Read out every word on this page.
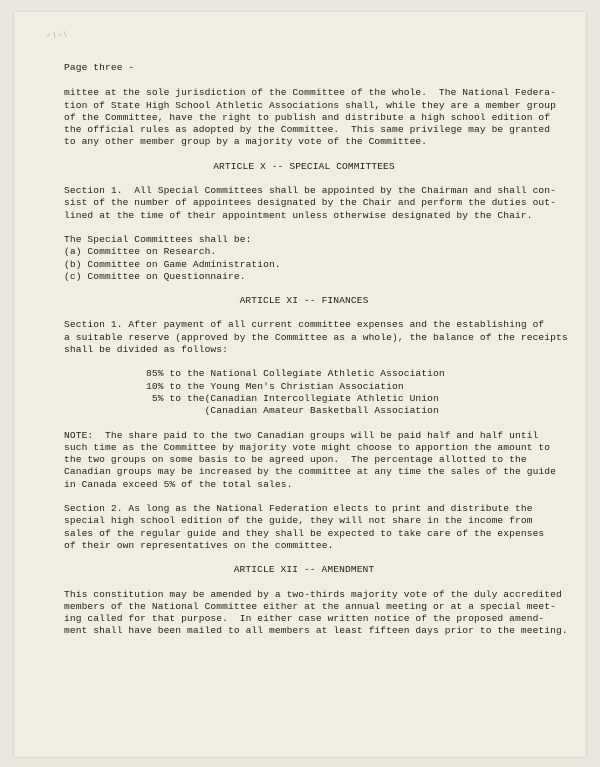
Page three -
mittee at the sole jurisdiction of the Committee of the whole.  The National Federa-
tion of State High School Athletic Associations shall, while they are a member group
of the Committee, have the right to publish and distribute a high school edition of
the official rules as adopted by the Committee.  This same privilege may be granted
to any other member group by a majority vote of the Committee.
ARTICLE X -- SPECIAL COMMITTEES
Section 1.  All Special Committees shall be appointed by the Chairman and shall con-
sist of the number of appointees designated by the Chair and perform the duties out-
lined at the time of their appointment unless otherwise designated by the Chair.
The Special Committees shall be:
(a) Committee on Research.
(b) Committee on Game Administration.
(c) Committee on Questionnaire.
ARTICLE XI -- FINANCES
Section 1. After payment of all current committee expenses and the establishing of
a suitable reserve (approved by the Committee as a whole), the balance of the receipts
shall be divided as follows:
85% to the National Collegiate Athletic Association
10% to the Young Men's Christian Association
5% to the(Canadian Intercollegiate Athletic Union
(Canadian Amateur Basketball Association
NOTE:  The share paid to the two Canadian groups will be paid half and half until
such time as the Committee by majority vote might choose to apportion the amount to
the two groups on some basis to be agreed upon.  The percentage allotted to the
Canadian groups may be increased by the committee at any time the sales of the guide
in Canada exceed 5% of the total sales.
Section 2. As long as the National Federation elects to print and distribute the
special high school edition of the guide, they will not share in the income from
sales of the regular guide and they shall be expected to take care of the expenses
of their own representatives on the committee.
ARTICLE XII -- AMENDMENT
This constitution may be amended by a two-thirds majority vote of the duly accredited
members of the National Committee either at the annual meeting or at a special meet-
ing called for that purpose.  In either case written notice of the proposed amend-
ment shall have been mailed to all members at least fifteen days prior to the meeting.
